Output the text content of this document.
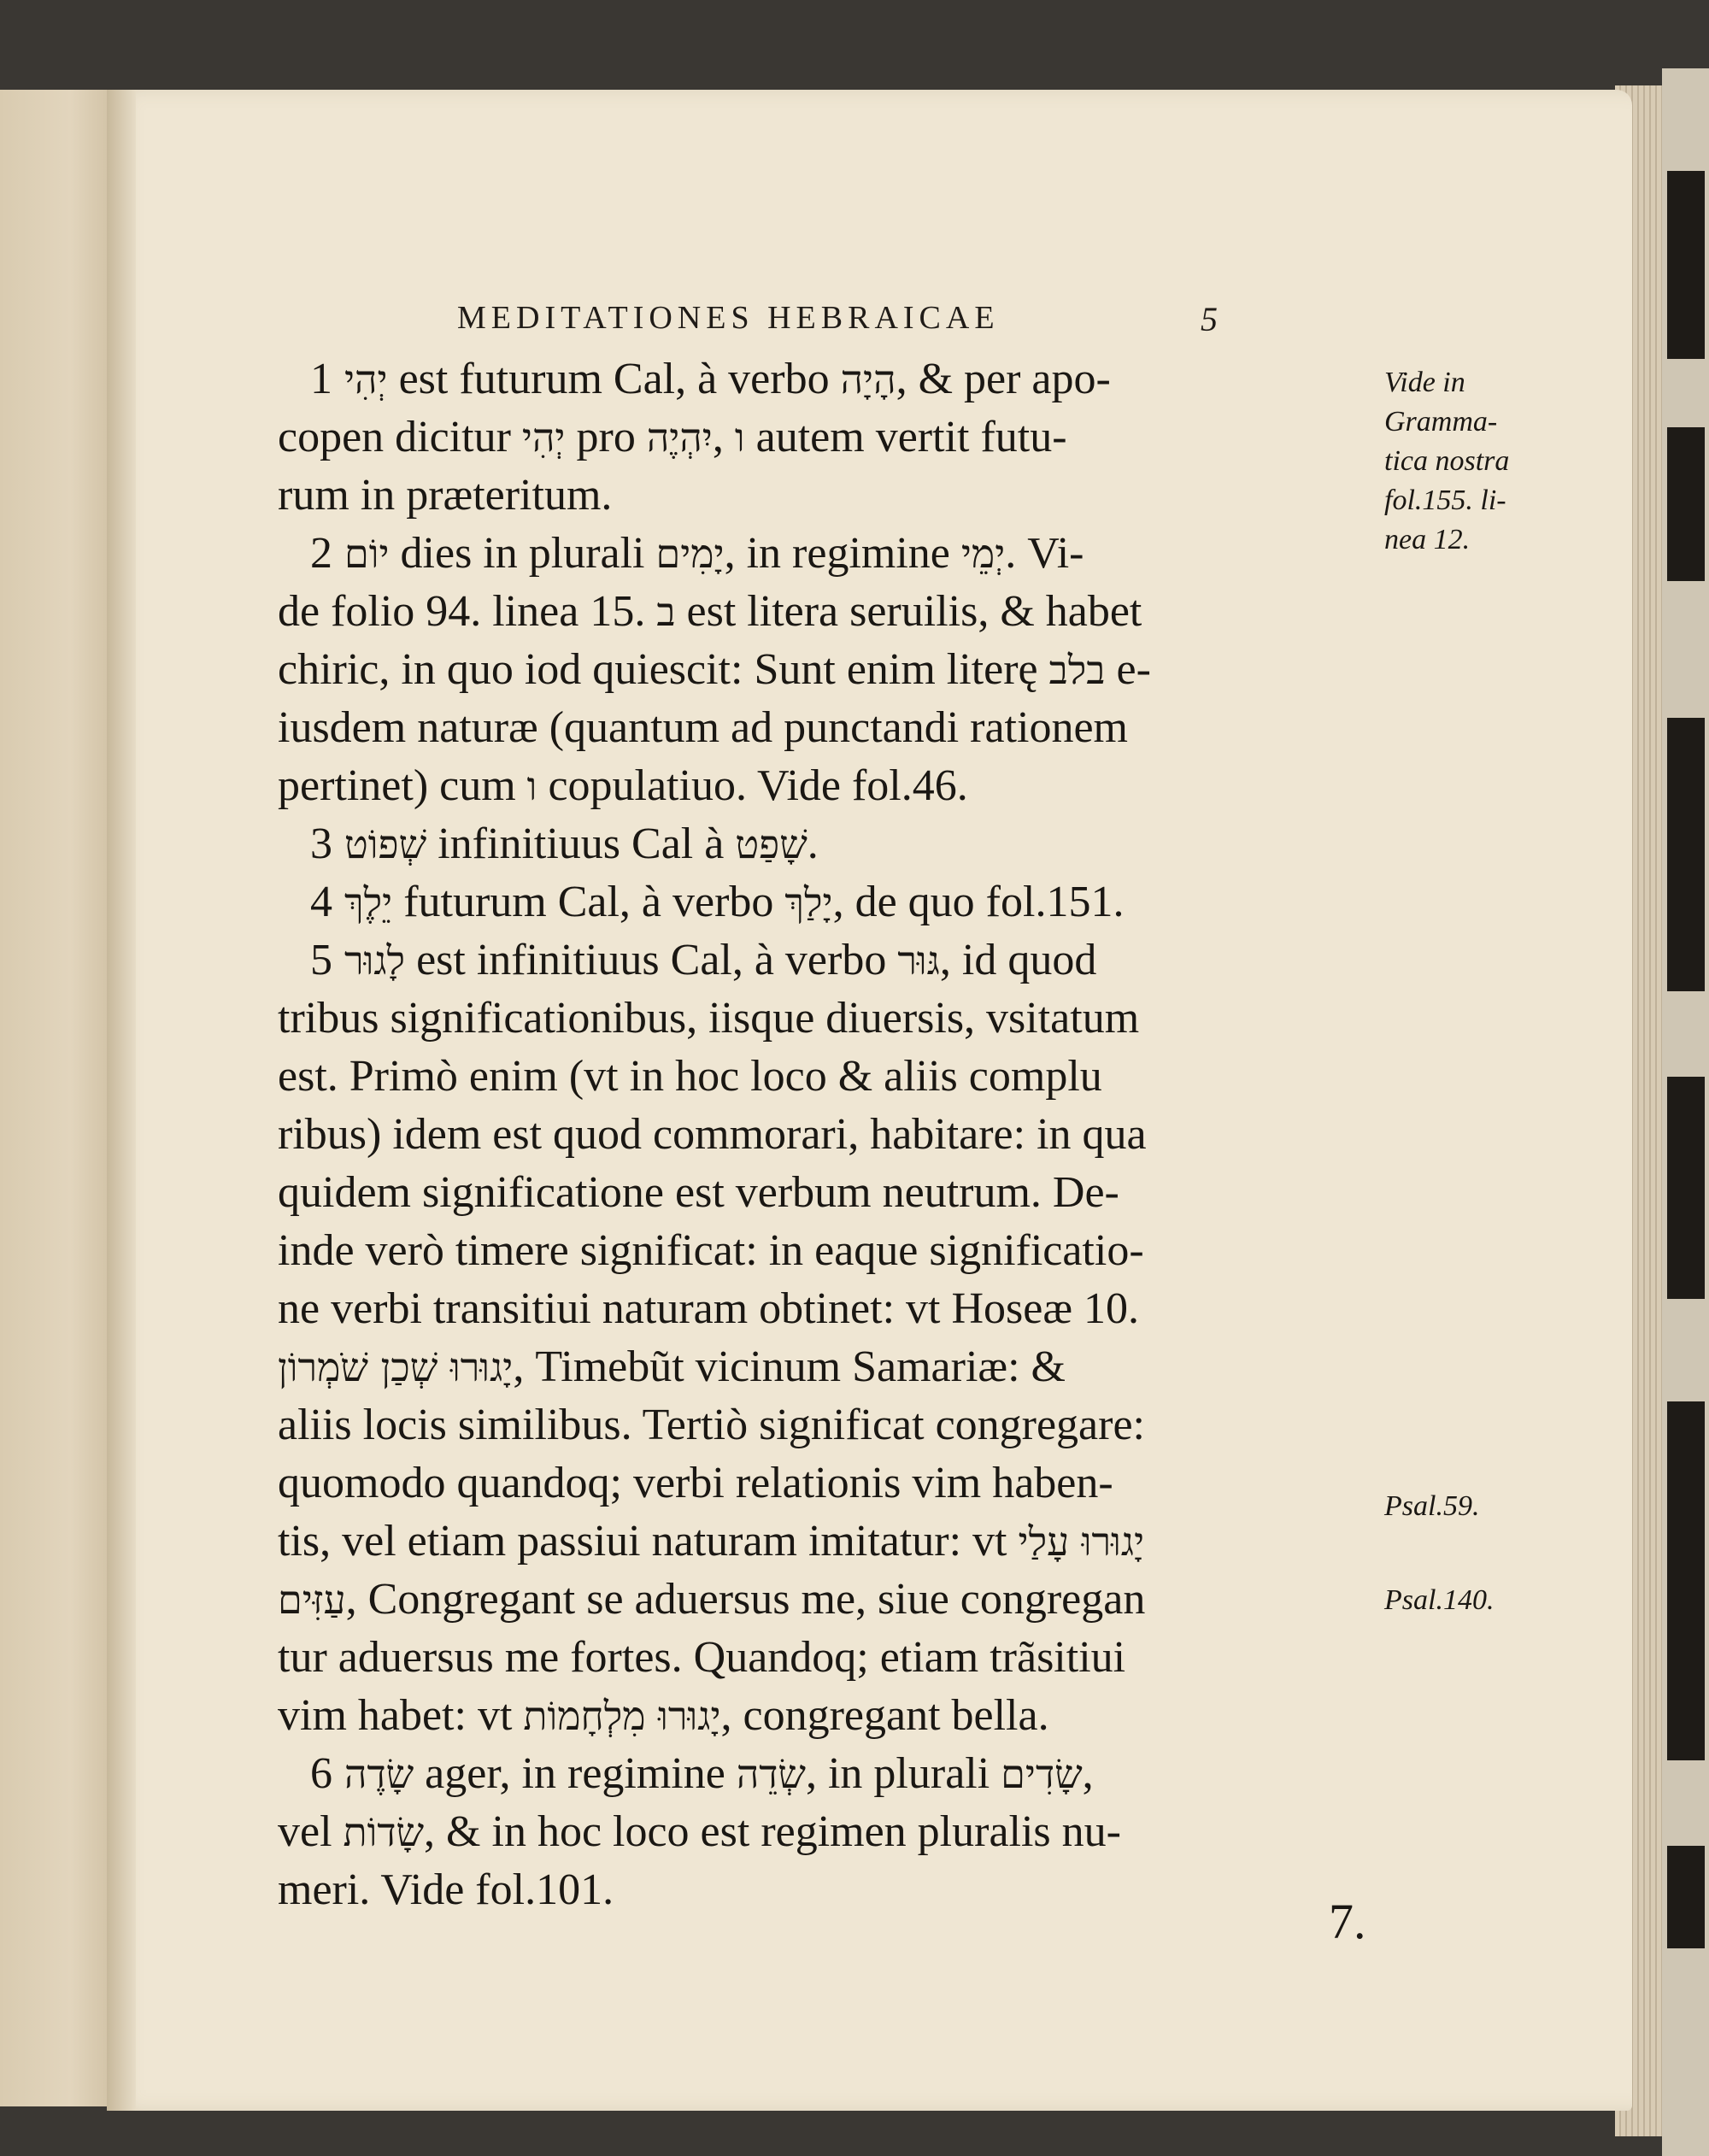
MEDITATIONES HEBRAICAE	5
1 יְהִי est futurum Cal, à verbo הָיָה, & per apo-
copen dicitur יְהִי pro יִהְיֶה, ו autem vertit futu-
rum in præteritum.
2 יוֹם dies in plurali יָמִים, in regimine יְמֵי. Vi-
de folio 94. linea 15. ב est litera seruilis, & habet
chiric, in quo iod quiescit: Sunt enim literę בלב e-
iusdem naturæ (quantum ad punctandi rationem
pertinet) cum ו copulatiuo. Vide fol.46.
3 שְׁפוֹט infinitiuus Cal à שָׁפַט.
4 יֵלֶךְ futurum Cal, à verbo יָלַךְ, de quo fol.151.
5 לָגוּר est infinitiuus Cal, à verbo גּוּר, id quod
tribus significationibus, iisque diuersis, vsitatum
est. Primò enim (vt in hoc loco & aliis complu
ribus) idem est quod commorari, habitare: in qua
quidem significatione est verbum neutrum. De-
inde verò timere significat: in eaque significatio-
ne verbi transitiui naturam obtinet: vt Hoseæ 10.
יָגוּרוּ שְׁכַן שֹׁמְרוֹן, Timebũt vicinum Samariæ: &
aliis locis similibus. Tertiò significat congregare:
quomodo quandoq; verbi relationis vim haben-
tis, vel etiam passiui naturam imitatur: vt יָגוּרוּ עָלַי
עַזִּים, Congregant se aduersus me, siue congregan
tur aduersus me fortes. Quandoq; etiam trãsitiui
vim habet: vt יָגוּרוּ מִלְחָמוֹת, congregant bella.
6 שָׂדֶה ager, in regimine שְׂדֵה, in plurali שָׂדִים,
vel שָׂדוֹת, & in hoc loco est regimen pluralis nu-
meri. Vide fol.101.
Vide in
Gramma-
tica nostra
fol.155. li-
nea 12.
Psal.59.
Psal.140.
7.
